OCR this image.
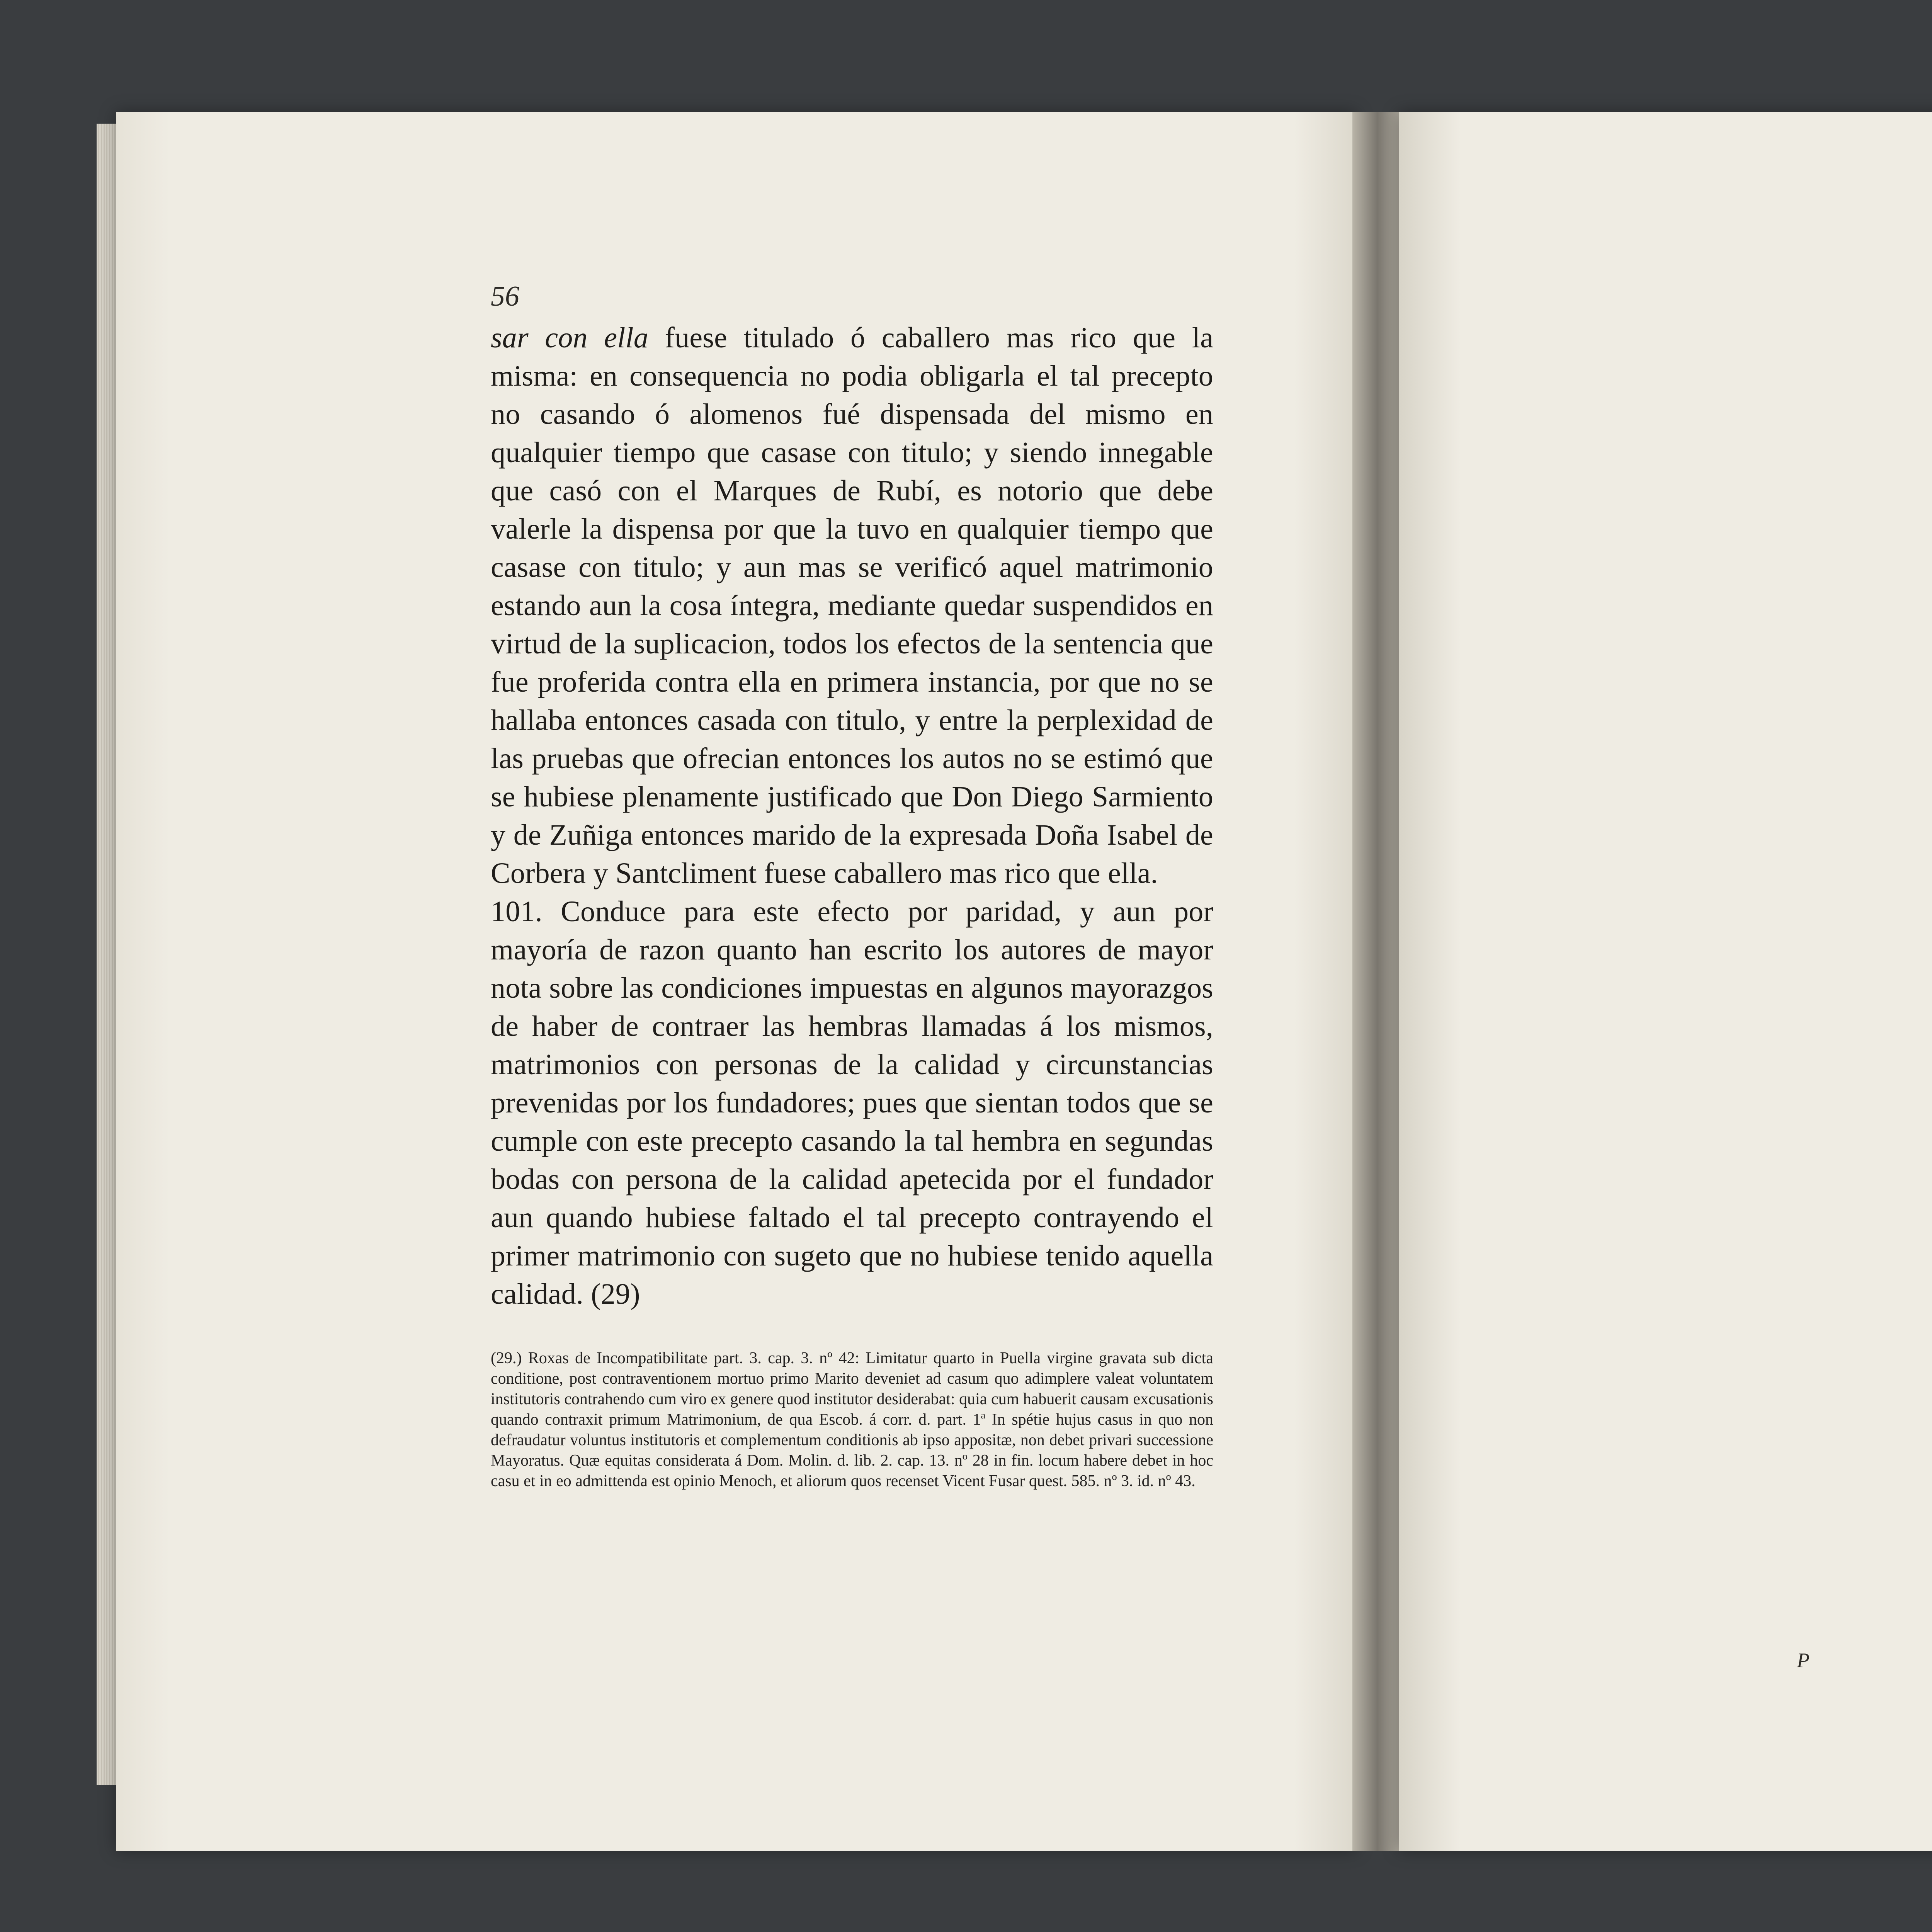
56

sar con ella fuese titulado ó caballero mas rico que la misma: en consequencia no podia obligarla el tal precepto no casando ó alomenos fué dispensada del mismo en qualquier tiempo que casase con titulo; y siendo innegable que casó con el Marques de Rubí, es notorio que debe valerle la dispensa por que la tuvo en qualquier tiempo que casase con titulo; y aun mas se verificó aquel matrimonio estando aun la cosa íntegra, mediante quedar suspendidos en virtud de la suplicacion, todos los efectos de la sentencia que fue proferida contra ella en primera instancia, por que no se hallaba entonces casada con titulo, y entre la perplexidad de las pruebas que ofrecian entonces los autos no se estimó que se hubiese plenamente justificado que Don Diego Sarmiento y de Zuñiga entonces marido de la expresada Doña Isabel de Corbera y Santcliment fuese caballero mas rico que ella.

101. Conduce para este efecto por paridad, y aun por mayoría de razon quanto han escrito los autores de mayor nota sobre las condiciones impuestas en algunos mayorazgos de haber de contraer las hembras llamadas á los mismos, matrimonios con personas de la calidad y circunstancias prevenidas por los fundadores; pues que sientan todos que se cumple con este precepto casando la tal hembra en segundas bodas con persona de la calidad apetecida por el fundador aun quando hubiese faltado el tal precepto contrayendo el primer matrimonio con sugeto que no hubiese tenido aquella calidad. (29)

(29.) Roxas de Incompatibilitate part. 3. cap. 3. nº 42: Limitatur quarto in Puella virgine gravata sub dicta conditione, post contraventionem mortuo primo Marito deveniet ad casum quo adimplere valeat voluntatem institutoris contrahendo cum viro ex genere quod institutor desiderabat: quia cum habuerit causam excusationis quando contraxit primum Matrimonium, de qua Escob. á corr. d. part. 1ª In spétie hujus casus in quo non defraudatur voluntus institutoris et complementum conditionis ab ipso appositæ, non debet privari successione Mayoratus. Quæ equitas considerata á Dom. Molin. d. lib. 2. cap. 13. nº 28 in fin. locum habere debet in hoc casu et in eo admittenda est opinio Menoch, et aliorum quos recenset Vicent Fusar quest. 585. nº 3. id. nº 43.

P
